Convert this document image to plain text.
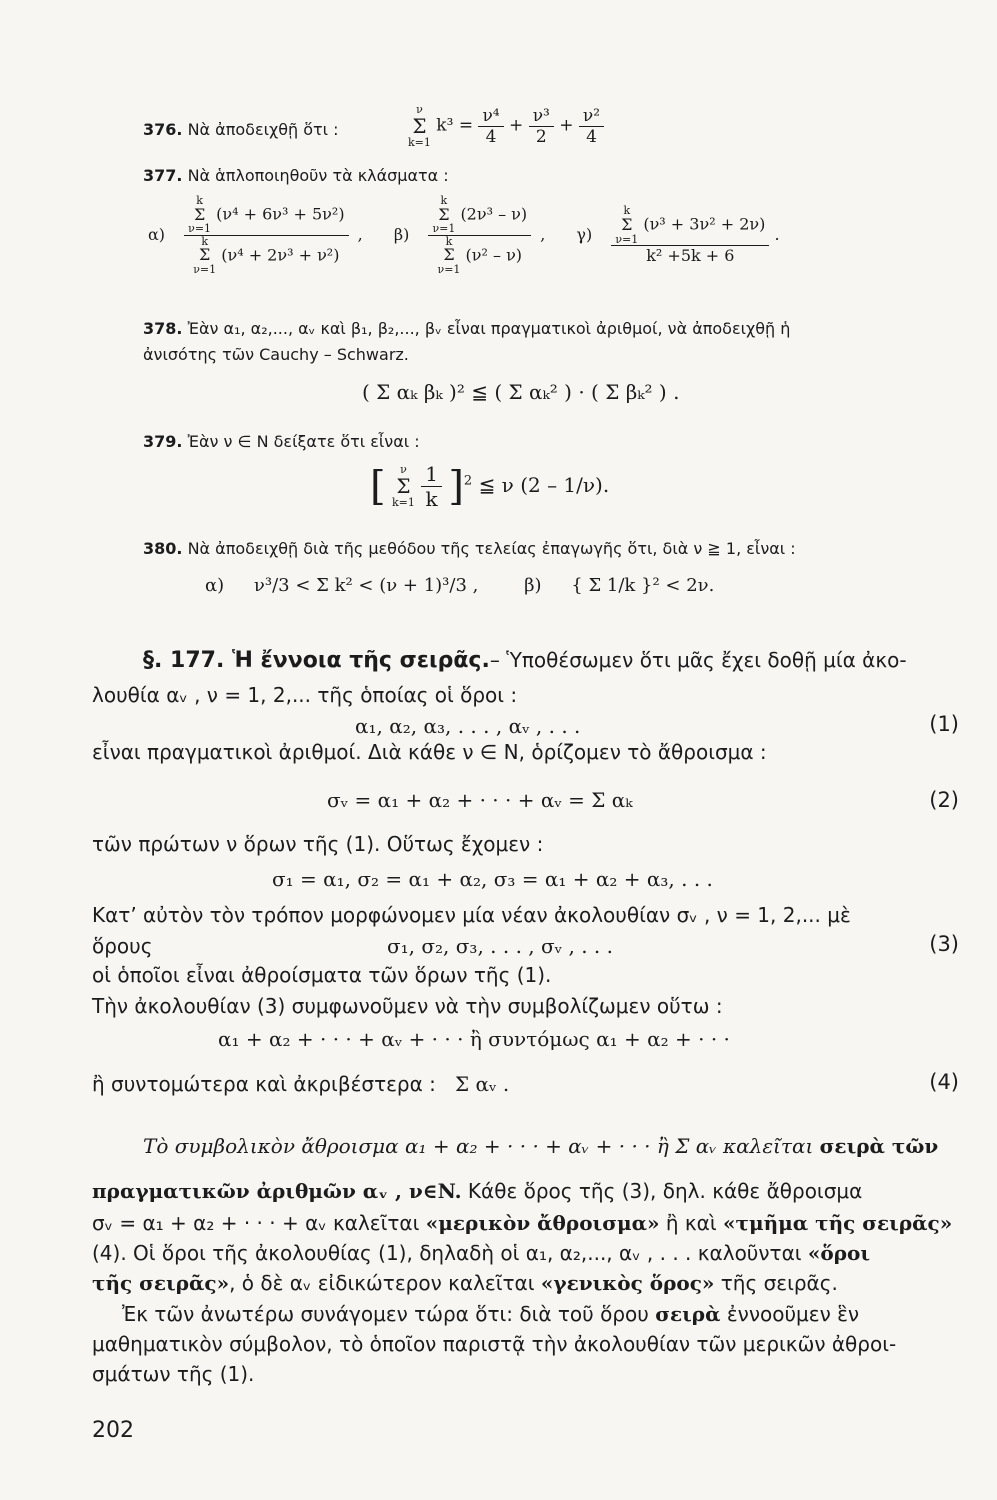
376. Νὰ ἀποδειχθῇ ὅτι :
ν
Σ
k=1
$k^3 = \frac{\text{ν⁴}}{4} + \frac{\text{ν³}}{2} + \frac{\text{ν²}}{4}$
377. Νὰ ἁπλοποιηθοῦν τὰ κλάσματα :
α) k
Σ
ν=1
(ν⁴ + 6ν³ + 5ν²)
k
Σ
ν=1
(ν⁴ + 2ν³ + ν²) , β) k
Σ
ν=1
(2ν³ – ν)
k
Σ
ν=1
(ν² – ν) , γ) k
Σ
ν=1
(ν³ + 3ν² + 2ν)
k² +5k + 6 .
378. Ἐὰν α₁, α₂,..., αᵥ καὶ β₁, β₂,..., βᵥ εἶναι πραγματικοὶ ἀριθμοί, νὰ ἀποδειχθῇ ἡ
ἀνισότης τῶν Cauchy – Schwarz.
( Σ αₖ βₖ )² ≦ ( Σ αₖ² ) · ( Σ βₖ² ) .
379. Ἐὰν ν ∈ N δείξατε ὅτι εἶναι :
[ ν
Σ
k=1
$\frac{1}{k} ]^2$ ≦ ν (2 – 1/ν).
380. Νὰ ἀποδειχθῇ διὰ τῆς μεθόδου τῆς τελείας ἐπαγωγῆς ὅτι, διὰ ν ≧ 1, εἶναι :
α) ν³/3 < Σ k² < (ν + 1)³/3 ,	β) { Σ 1/k }² < 2ν.
§. 177. Ἡ ἔννοια τῆς σειρᾶς.– Ὑποθέσωμεν ὅτι μᾶς ἔχει δοθῇ μία ἀκο-
λουθία αᵥ , ν = 1, 2,... τῆς ὁποίας οἱ ὅροι :
α₁, α₂, α₃, . . . , αᵥ , . . .	(1)
εἶναι πραγματικοὶ ἀριθμοί. Διὰ κάθε ν ∈ N, ὁρίζομεν τὸ ἄθροισμα :
σᵥ = α₁ + α₂ + · · · + αᵥ = Σ αₖ	(2)
τῶν πρώτων ν ὅρων τῆς (1). Οὕτως ἔχομεν :
σ₁ = α₁, σ₂ = α₁ + α₂, σ₃ = α₁ + α₂ + α₃, . . .
Κατ’ αὐτὸν τὸν τρόπον μορφώνομεν μία νέαν ἀκολουθίαν σᵥ , ν = 1, 2,... μὲ
ὅρους	σ₁, σ₂, σ₃, . . . , σᵥ , . . .	(3)
οἱ ὁποῖοι εἶναι ἀθροίσματα τῶν ὅρων τῆς (1).
Τὴν ἀκολουθίαν (3) συμφωνοῦμεν νὰ τὴν συμβολίζωμεν οὕτω :
α₁ + α₂ + · · · + αᵥ + · · · ἢ συντόμως α₁ + α₂ + · · ·
ἢ συντομώτερα καὶ ἀκριβέστερα : Σ αᵥ .	(4)
Τὸ συμβολικὸν ἄθροισμα α₁ + α₂ + · · · + αᵥ + · · · ἢ Σ αᵥ καλεῖται σειρὰ τῶν
πραγματικῶν ἀριθμῶν αᵥ , ν∈N. Κάθε ὅρος τῆς (3), δηλ. κάθε ἄθροισμα
σᵥ = α₁ + α₂ + · · · + αᵥ καλεῖται «μερικὸν ἄθροισμα» ἢ καὶ «τμῆμα τῆς σειρᾶς»
(4). Οἱ ὅροι τῆς ἀκολουθίας (1), δηλαδὴ οἱ α₁, α₂,..., αᵥ , . . . καλοῦνται «ὅροι
τῆς σειρᾶς», ὁ δὲ αᵥ εἰδικώτερον καλεῖται «γενικὸς ὅρος» τῆς σειρᾶς.
Ἐκ τῶν ἀνωτέρω συνάγομεν τώρα ὅτι: διὰ τοῦ ὅρου σειρὰ ἐννοοῦμεν ἓν
μαθηματικὸν σύμβολον, τὸ ὁποῖον παριστᾷ τὴν ἀκολουθίαν τῶν μερικῶν ἀθροι-
σμάτων τῆς (1).
202
